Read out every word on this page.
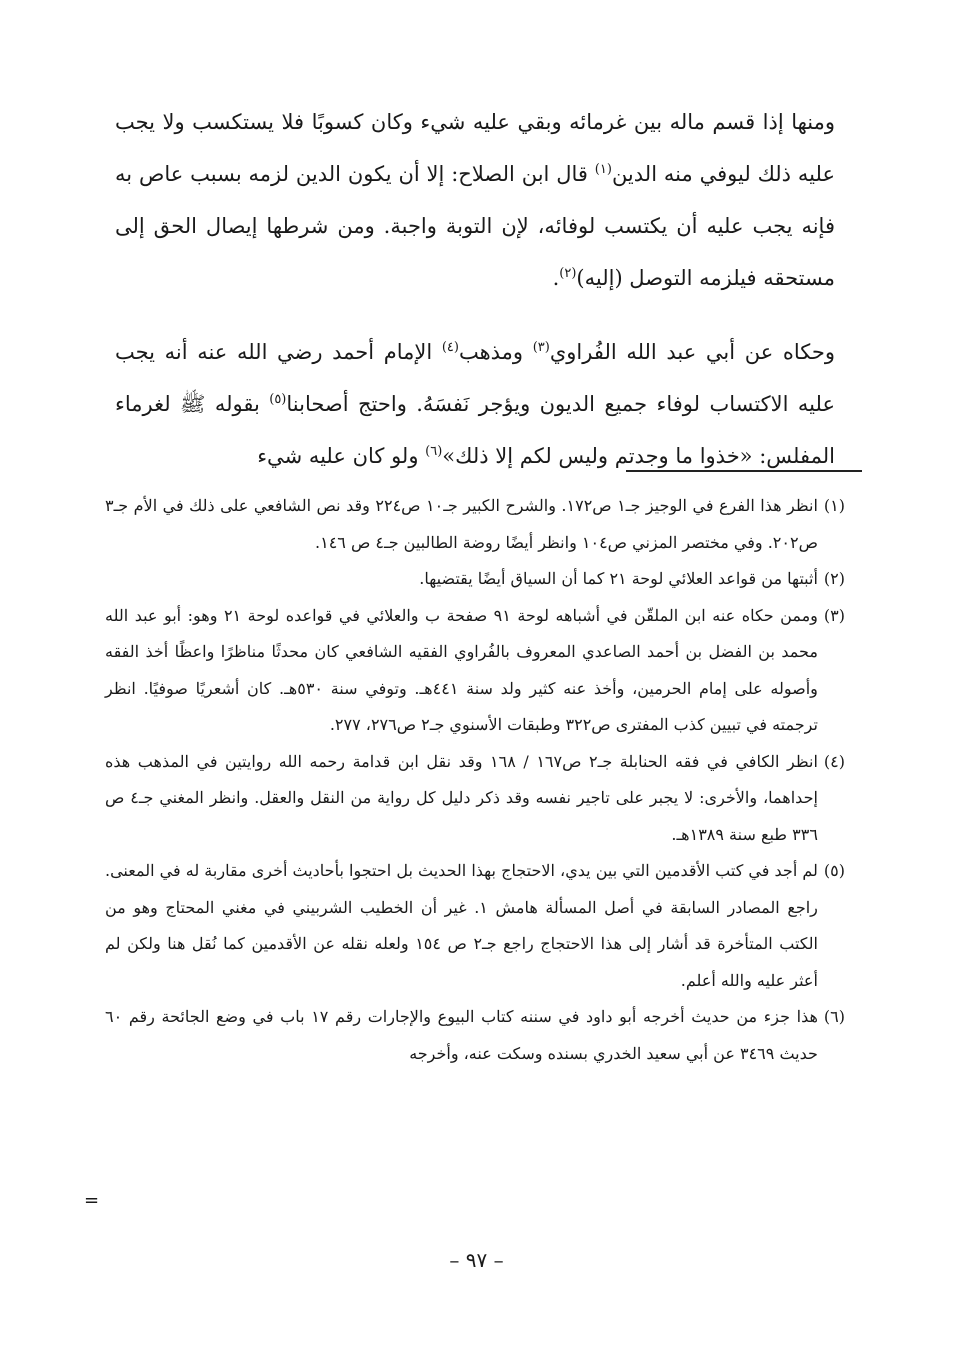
ومنها إذا قسم ماله بين غرمائه وبقي عليه شيء وكان كسوبًا فلا يستكسب ولا يجب عليه ذلك ليوفي منه الدين$^{(١)}$ قال ابن الصلاح: إلا أن يكون الدين لزمه بسبب عاص به فإنه يجب عليه أن يكتسب لوفائه، لإن التوبة واجبة. ومن شرطها إيصال الحق إلى مستحقه فيلزمه التوصل (إليه)$^{(٢)}$.

وحكاه عن أبي عبد الله الفُراوي$^{(٣)}$ ومذهب$^{(٤)}$ الإمام أحمد رضي الله عنه أنه يجب عليه الاكتساب لوفاء جميع الديون ويؤجر نَفسَهُ. واحتج أصحابنا$^{(٥)}$ بقوله ﷺ لغرماء المفلس: «خذوا ما وجدتم وليس لكم إلا ذلك»$^{(٦)}$ ولو كان عليه شيء

(١)
انظر هذا الفرع في الوجيز جـ١ ص١٧٢. والشرح الكبير جـ١٠ ص٢٢٤ وقد نص الشافعي على ذلك في الأم جـ٣ ص٢٠٢. وفي مختصر المزني ص١٠٤ وانظر أيضًا روضة الطالبين جـ٤ ص ١٤٦.
(٢)
أثبتها من قواعد العلائي لوحة ٢١ كما أن السياق أيضًا يقتضيها.
(٣)
وممن حكاه عنه ابن الملقّن في أشباهه لوحة ٩١ صفحة ب والعلائي في قواعده لوحة ٢١ وهو: أبو عبد الله محمد بن الفضل بن أحمد الصاعدي المعروف بالفُراوي الفقيه الشافعي كان محدثًا مناظرًا واعظًا أخذ الفقه وأصوله على إمام الحرمين، وأخذ عنه كثير ولد سنة ٤٤١هـ. وتوفي سنة ٥٣٠هـ. كان أشعريًا صوفيًا. انظر ترجمته في تبيين كذب المفترى ص٣٢٢ وطبقات الأسنوي جـ٢ ص٢٧٦، ٢٧٧.
(٤)
انظر الكافي في فقه الحنابلة جـ٢ ص١٦٧ / ١٦٨ وقد نقل ابن قدامة رحمه الله روايتين في المذهب هذه إحداهما، والأخرى: لا يجبر على تاجير نفسه وقد ذكر دليل كل رواية من النقل والعقل. وانظر المغني جـ٤ ص ٣٣٦ طبع سنة ١٣٨٩هـ.
(٥)
لم أجد في كتب الأقدمين التي بين يدي، الاحتجاج بهذا الحديث بل احتجوا بأحاديث أخرى مقاربة له في المعنى. راجع المصادر السابقة في أصل المسألة هامش ١. غير أن الخطيب الشربيني في مغني المحتاج وهو من الكتب المتأخرة قد أشار إلى هذا الاحتجاج راجع جـ٢ ص ١٥٤ ولعله نقله عن الأقدمين كما نُقل هنا ولكن لم أعثر عليه والله أعلم.
(٦)
هذا جزء من حديث أخرجه أبو داود في سننه كتاب البيوع والإجارات رقم ١٧ باب في وضع الجائحة رقم ٦٠ حديث ٣٤٦٩ عن أبي سعيد الخدري بسنده وسكت عنه، وأخرجه
=
– ٩٧ –
